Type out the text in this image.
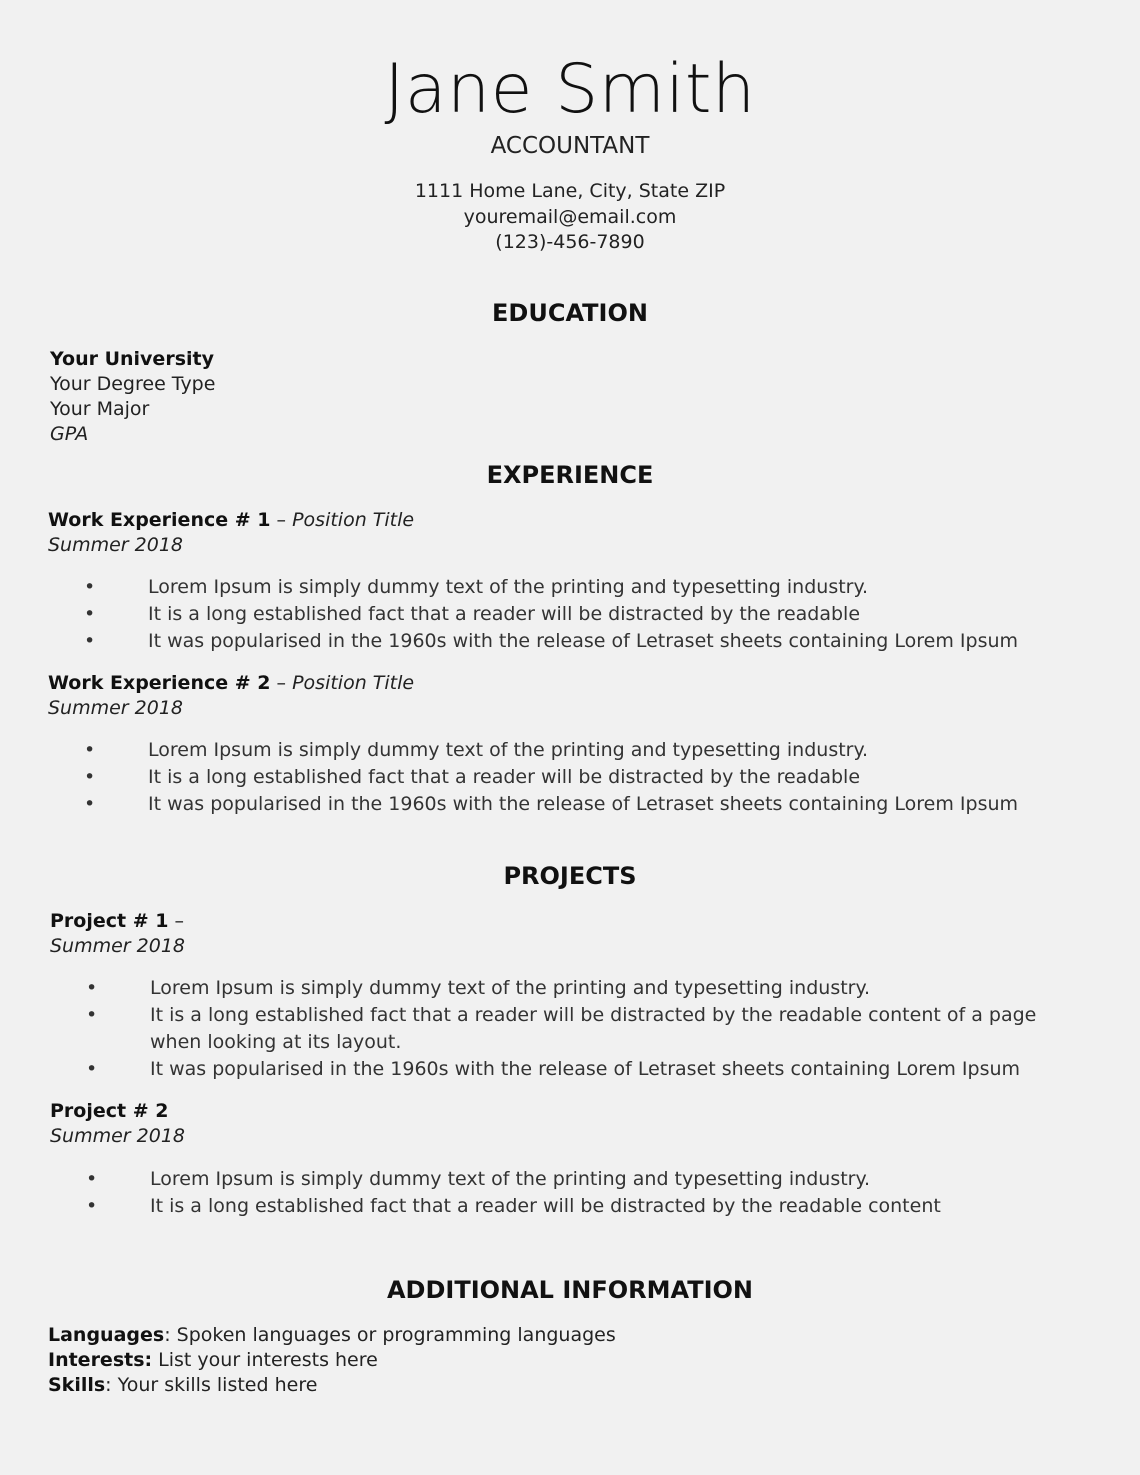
Jane Smith
ACCOUNTANT
1111 Home Lane, City, State ZIP
youremail@email.com
(123)-456-7890
EDUCATION
Your University
Your Degree Type
Your Major
GPA
EXPERIENCE
Work Experience # 1 – Position Title
Summer 2018
•	Lorem Ipsum is simply dummy text of the printing and typesetting industry.
•	It is a long established fact that a reader will be distracted by the readable
•	It was popularised in the 1960s with the release of Letraset sheets containing Lorem Ipsum
Work Experience # 2 – Position Title
Summer 2018
•	Lorem Ipsum is simply dummy text of the printing and typesetting industry.
•	It is a long established fact that a reader will be distracted by the readable
•	It was popularised in the 1960s with the release of Letraset sheets containing Lorem Ipsum
PROJECTS
Project # 1 –
Summer 2018
•	Lorem Ipsum is simply dummy text of the printing and typesetting industry.
•	It is a long established fact that a reader will be distracted by the readable content of a page
when looking at its layout.
•	It was popularised in the 1960s with the release of Letraset sheets containing Lorem Ipsum
Project # 2
Summer 2018
•	Lorem Ipsum is simply dummy text of the printing and typesetting industry.
•	It is a long established fact that a reader will be distracted by the readable content
ADDITIONAL INFORMATION
Languages: Spoken languages or programming languages
Interests: List your interests here
Skills: Your skills listed here
